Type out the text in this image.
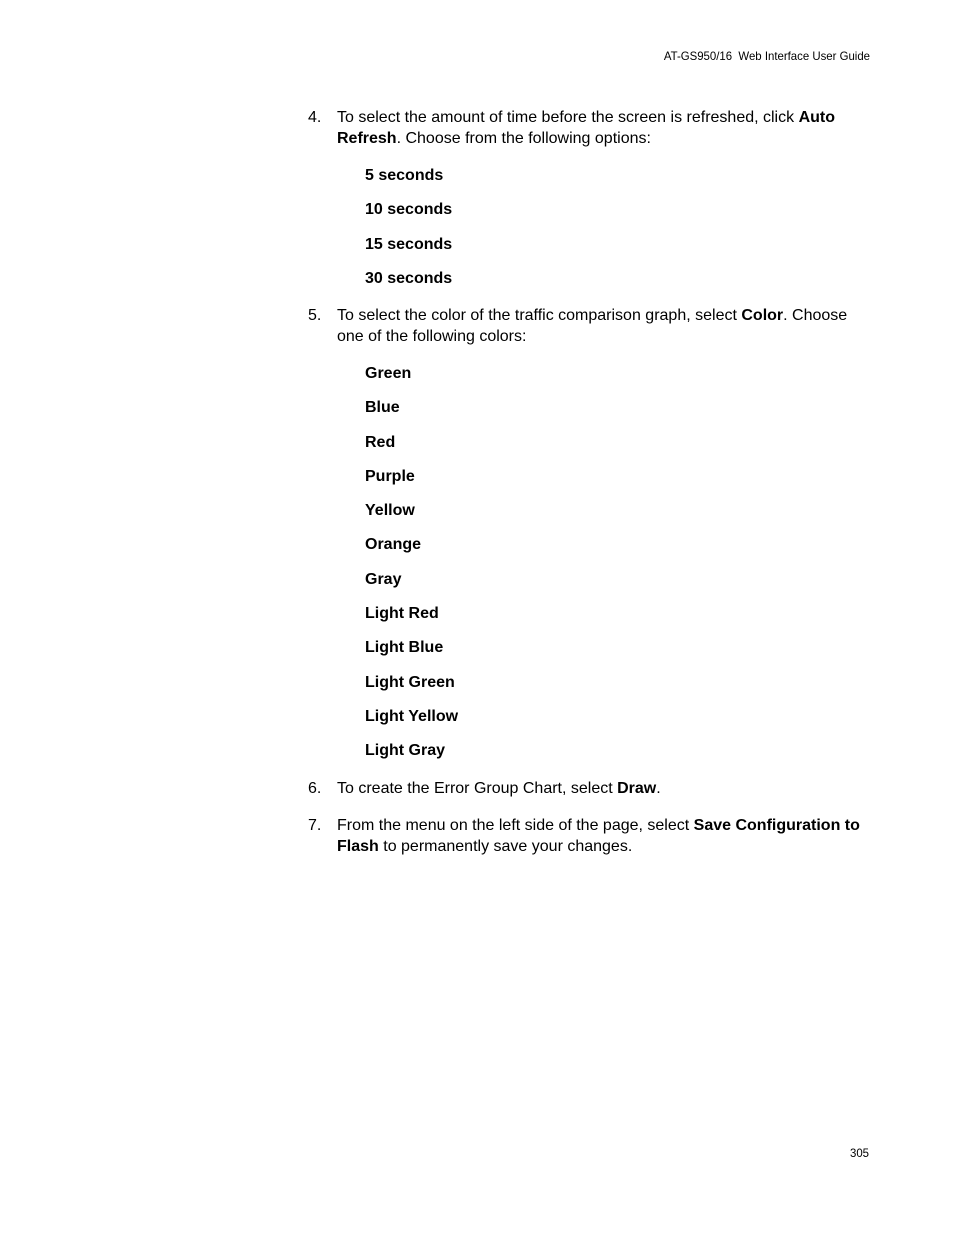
AT-GS950/16  Web Interface User Guide
4. To select the amount of time before the screen is refreshed, click Auto Refresh. Choose from the following options:
5 seconds
10 seconds
15 seconds
30 seconds
5. To select the color of the traffic comparison graph, select Color. Choose one of the following colors:
Green
Blue
Red
Purple
Yellow
Orange
Gray
Light Red
Light Blue
Light Green
Light Yellow
Light Gray
6. To create the Error Group Chart, select Draw.
7. From the menu on the left side of the page, select Save Configuration to Flash to permanently save your changes.
305
